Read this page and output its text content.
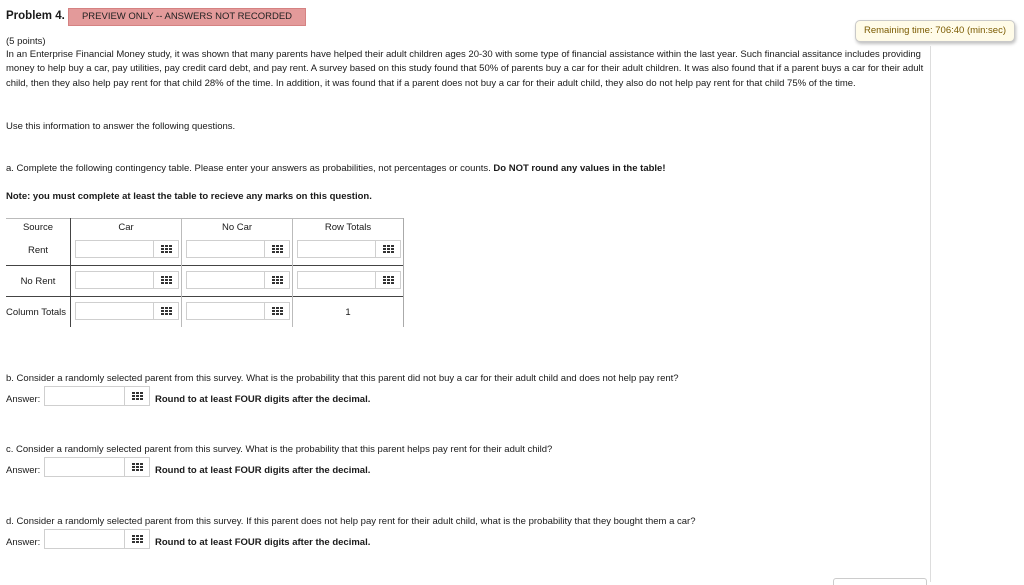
Problem 4.	PREVIEW ONLY -- ANSWERS NOT RECORDED
Remaining time: 706:40 (min:sec)
(5 points)
In an Enterprise Financial Money study, it was shown that many parents have helped their adult children ages 20-30 with some type of financial assistance within the last year. Such financial assitance includes providing money to help buy a car, pay utilities, pay credit card debt, and pay rent. A survey based on this study found that 50% of parents buy a car for their adult children. It was also found that if a parent buys a car for their adult child, then they also help pay rent for that child 28% of the time. In addition, it was found that if a parent does not buy a car for their adult child, they also do not help pay rent for that child 75% of the time.
Use this information to answer the following questions.
a. Complete the following contingency table. Please enter your answers as probabilities, not percentages or counts. Do NOT round any values in the table!
Note: you must complete at least the table to recieve any marks on this question.
Source	Car	No Car	Row Totals
Rent	

No Rent	

Column Totals			1
b. Consider a randomly selected parent from this survey. What is the probability that this parent did not buy a car for their adult child and does not help pay rent?
Answer:	Round to at least FOUR digits after the decimal.
c. Consider a randomly selected parent from this survey. What is the probability that this parent helps pay rent for their adult child?
Answer:	Round to at least FOUR digits after the decimal.
d. Consider a randomly selected parent from this survey. If this parent does not help pay rent for their adult child, what is the probability that they bought them a car?
Answer:	Round to at least FOUR digits after the decimal.
